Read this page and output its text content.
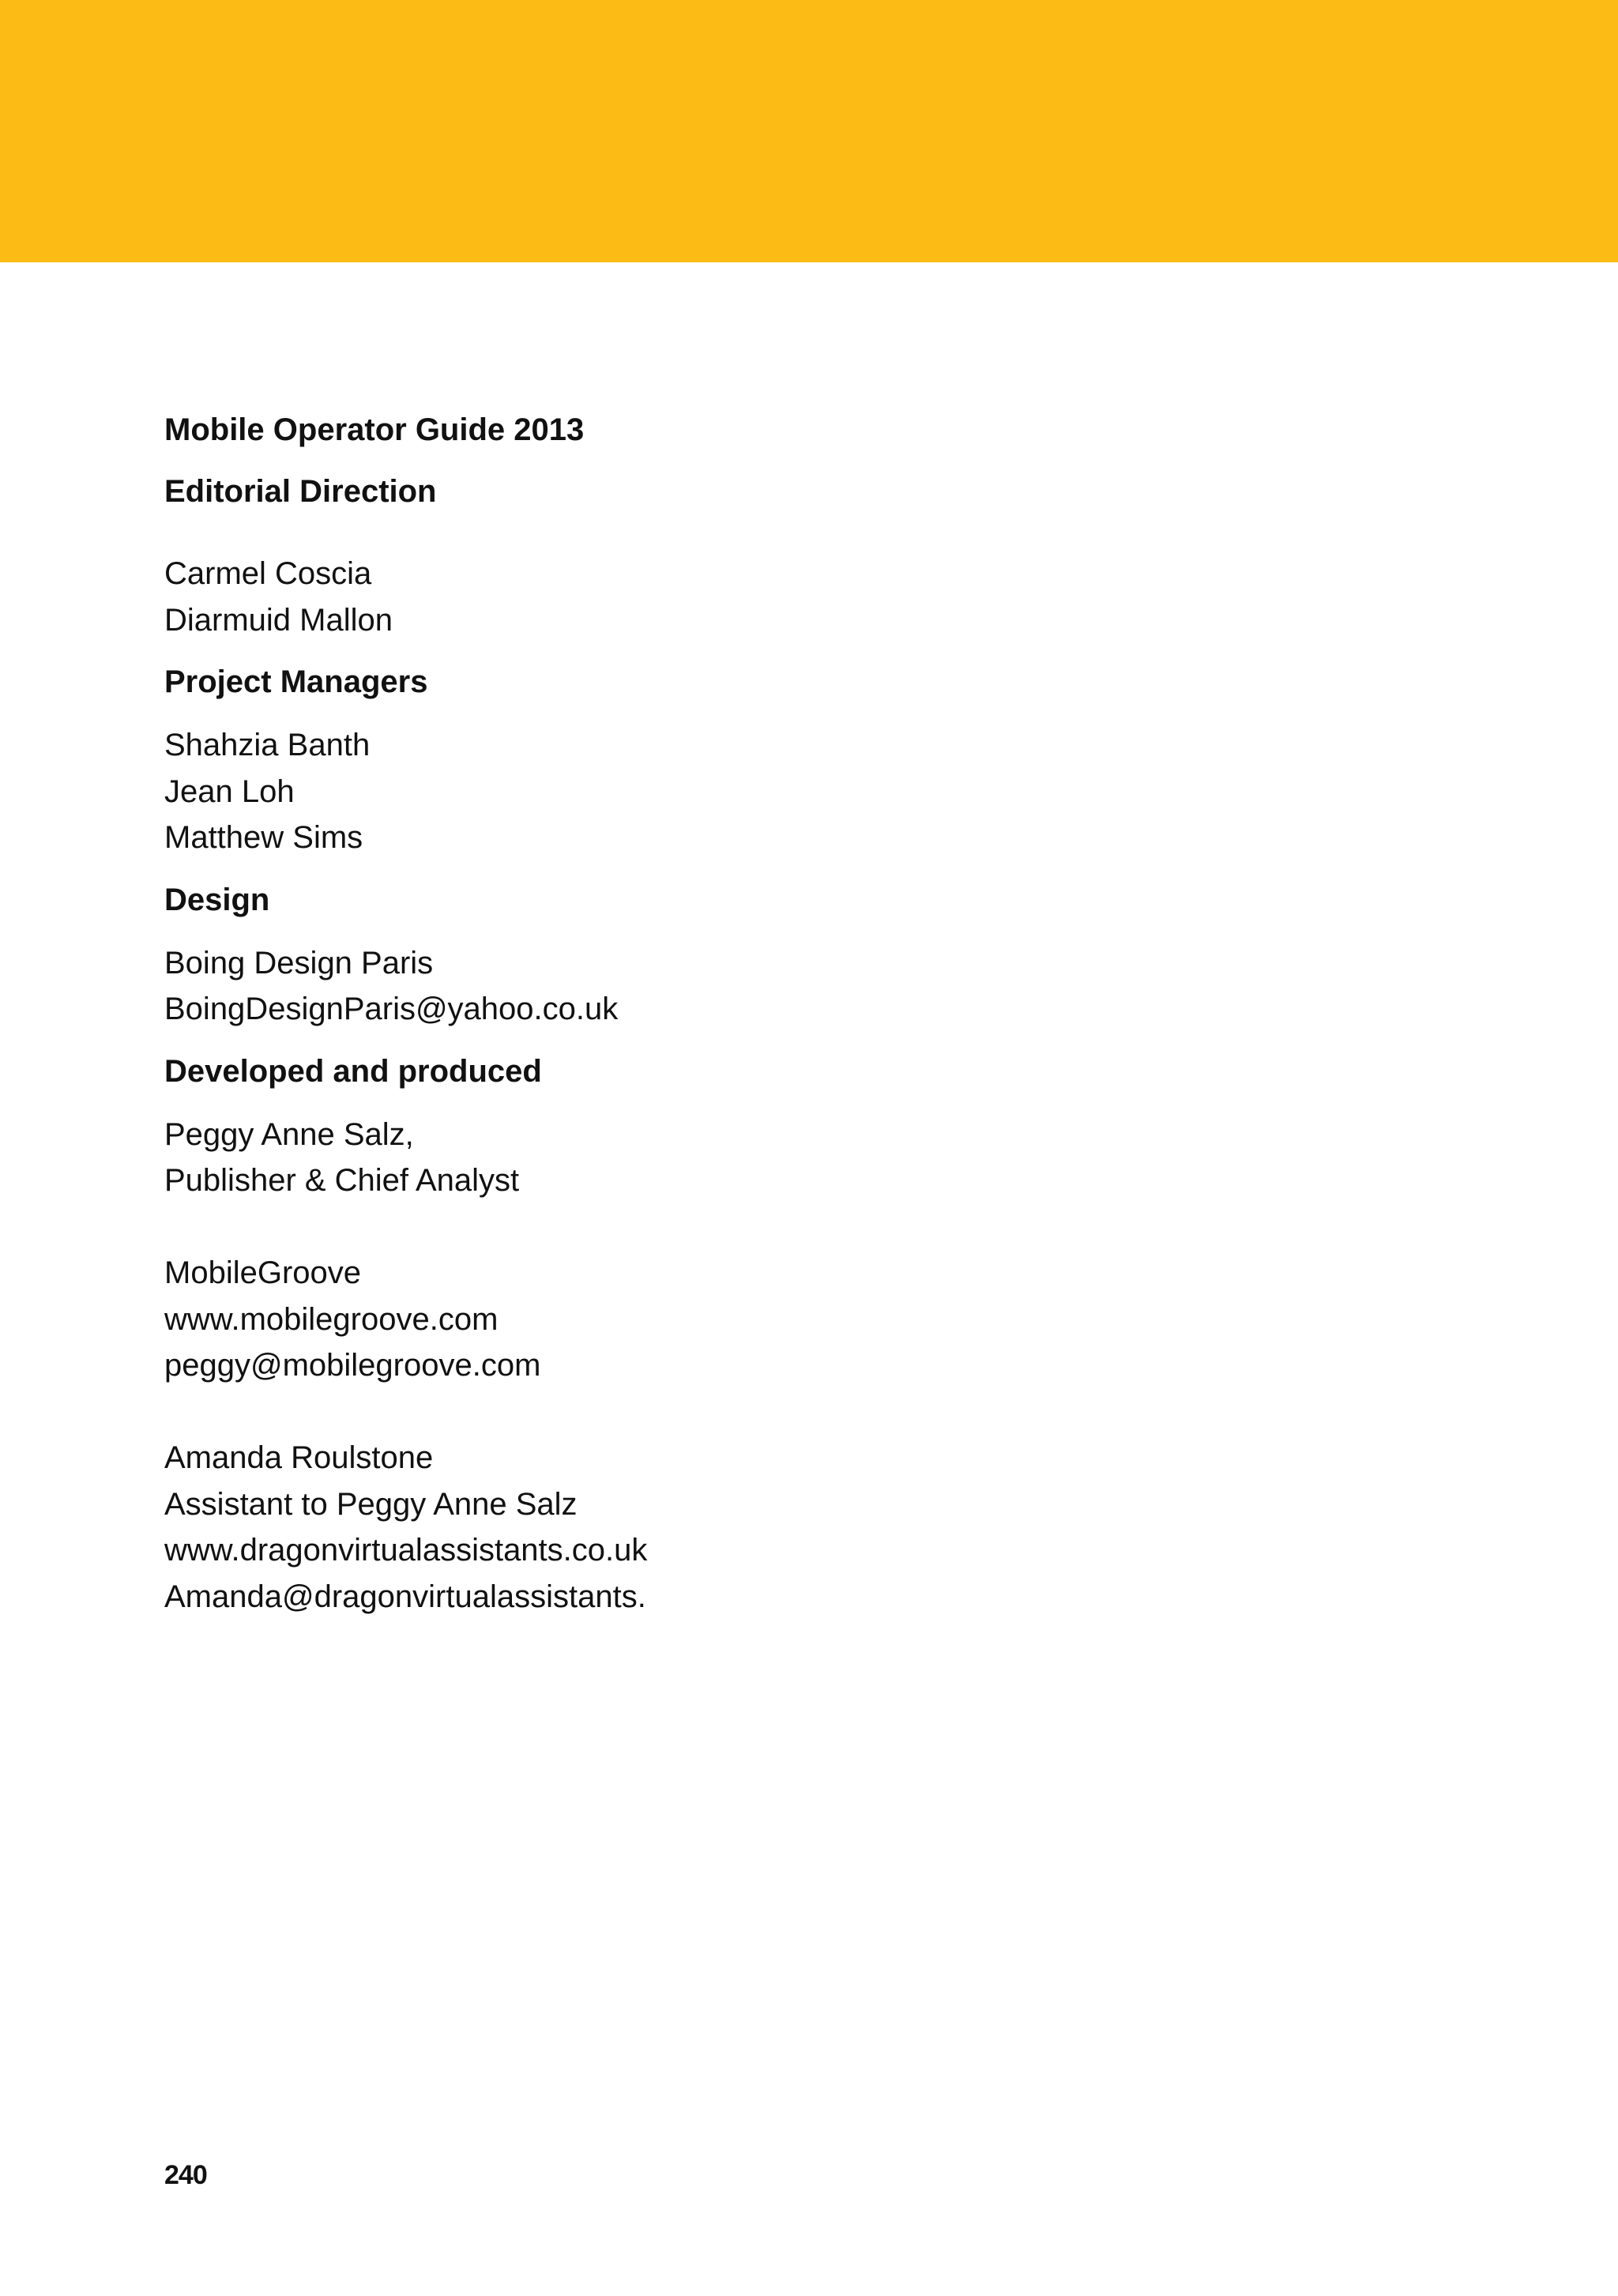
Mobile Operator Guide 2013
Editorial Direction

Carmel Coscia

Diarmuid Mallon

Project Managers

Shahzia Banth

Jean Loh

Matthew Sims

Design

Boing Design Paris

BoingDesignParis@yahoo.co.uk

Developed and produced

Peggy Anne Salz,

Publisher & Chief Analyst

MobileGroove

www.mobilegroove.com

peggy@mobilegroove.com

Amanda Roulstone

Assistant to Peggy Anne Salz

www.dragonvirtualassistants.co.uk

Amanda@dragonvirtualassistants.

240
